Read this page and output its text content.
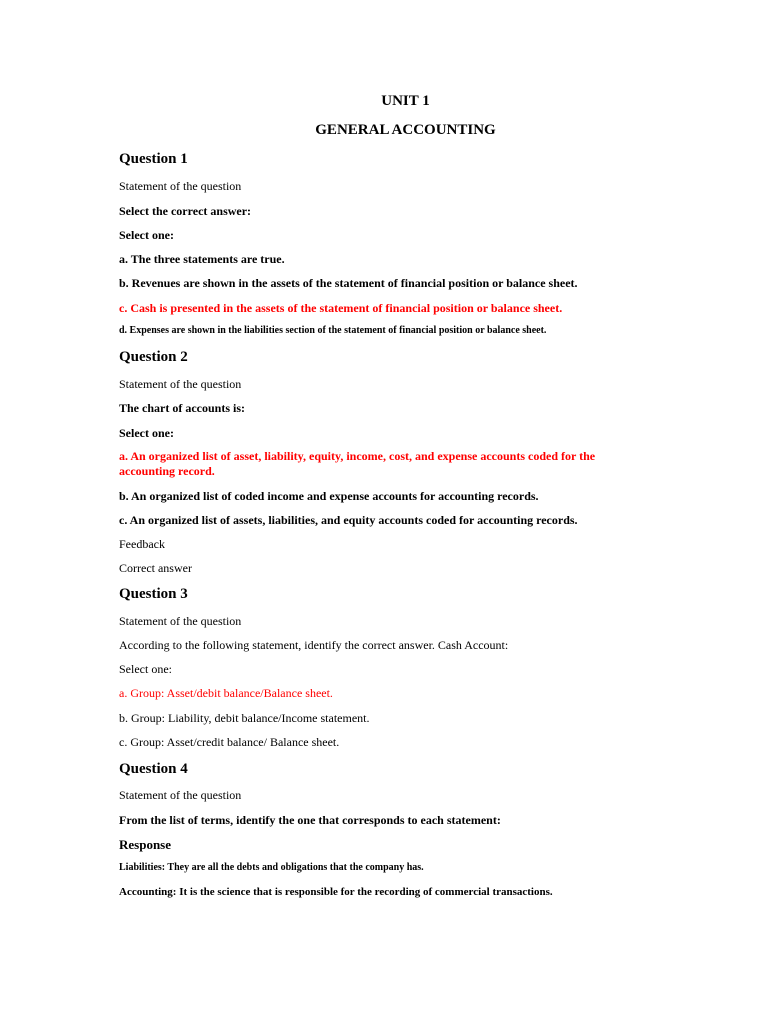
UNIT 1

GENERAL ACCOUNTING

Question 1

Statement of the question

Select the correct answer:

Select one:

a. The three statements are true.

b. Revenues are shown in the assets of the statement of financial position or balance sheet.

c. Cash is presented in the assets of the statement of financial position or balance sheet.

d. Expenses are shown in the liabilities section of the statement of financial position or balance sheet.

Question 2

Statement of the question

The chart of accounts is:

Select one:

a. An organized list of asset, liability, equity, income, cost, and expense accounts coded for the accounting record.

b. An organized list of coded income and expense accounts for accounting records.

c. An organized list of assets, liabilities, and equity accounts coded for accounting records.

Feedback

Correct answer

Question 3

Statement of the question

According to the following statement, identify the correct answer. Cash Account:

Select one:

a. Group: Asset/debit balance/Balance sheet.

b. Group: Liability, debit balance/Income statement.

c. Group: Asset/credit balance/ Balance sheet.

Question 4

Statement of the question

From the list of terms, identify the one that corresponds to each statement:

Response

Liabilities: They are all the debts and obligations that the company has.

Accounting: It is the science that is responsible for the recording of commercial transactions.
